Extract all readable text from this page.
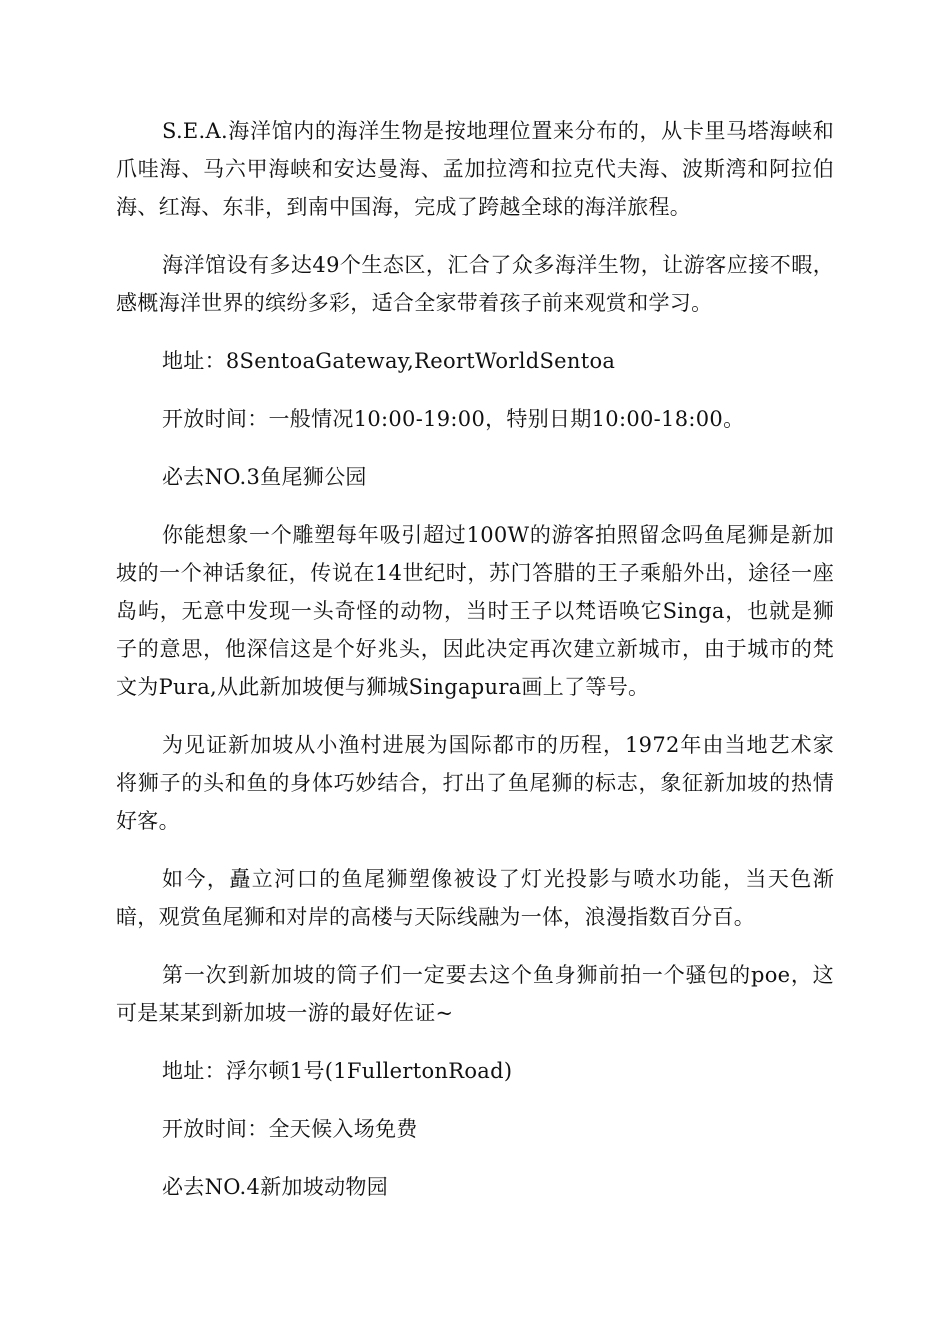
S.E.A.海洋馆内的海洋生物是按地理位置来分布的，从卡里马塔海峡和爪哇海、马六甲海峡和安达曼海、孟加拉湾和拉克代夫海、波斯湾和阿拉伯海、红海、东非，到南中国海，完成了跨越全球的海洋旅程。

海洋馆设有多达49个生态区，汇合了众多海洋生物，让游客应接不暇，感概海洋世界的缤纷多彩，适合全家带着孩子前来观赏和学习。

地址：8SentoaGateway,ReortWorldSentoa

开放时间：一般情况10:00-19:00，特别日期10:00-18:00。

必去NO.3鱼尾狮公园

你能想象一个雕塑每年吸引超过100W的游客拍照留念吗鱼尾狮是新加坡的一个神话象征，传说在14世纪时，苏门答腊的王子乘船外出，途径一座岛屿，无意中发现一头奇怪的动物，当时王子以梵语唤它Singa，也就是狮子的意思，他深信这是个好兆头，因此决定再次建立新城市，由于城市的梵文为Pura,从此新加坡便与狮城Singapura画上了等号。

为见证新加坡从小渔村进展为国际都市的历程，1972年由当地艺术家将狮子的头和鱼的身体巧妙结合，打出了鱼尾狮的标志，象征新加坡的热情好客。

如今，矗立河口的鱼尾狮塑像被设了灯光投影与喷水功能，当天色渐暗，观赏鱼尾狮和对岸的高楼与天际线融为一体，浪漫指数百分百。

第一次到新加坡的筒子们一定要去这个鱼身狮前拍一个骚包的poe，这可是某某到新加坡一游的最好佐证~

地址：浮尔顿1号(1FullertonRoad)

开放时间：全天候入场免费

必去NO.4新加坡动物园
